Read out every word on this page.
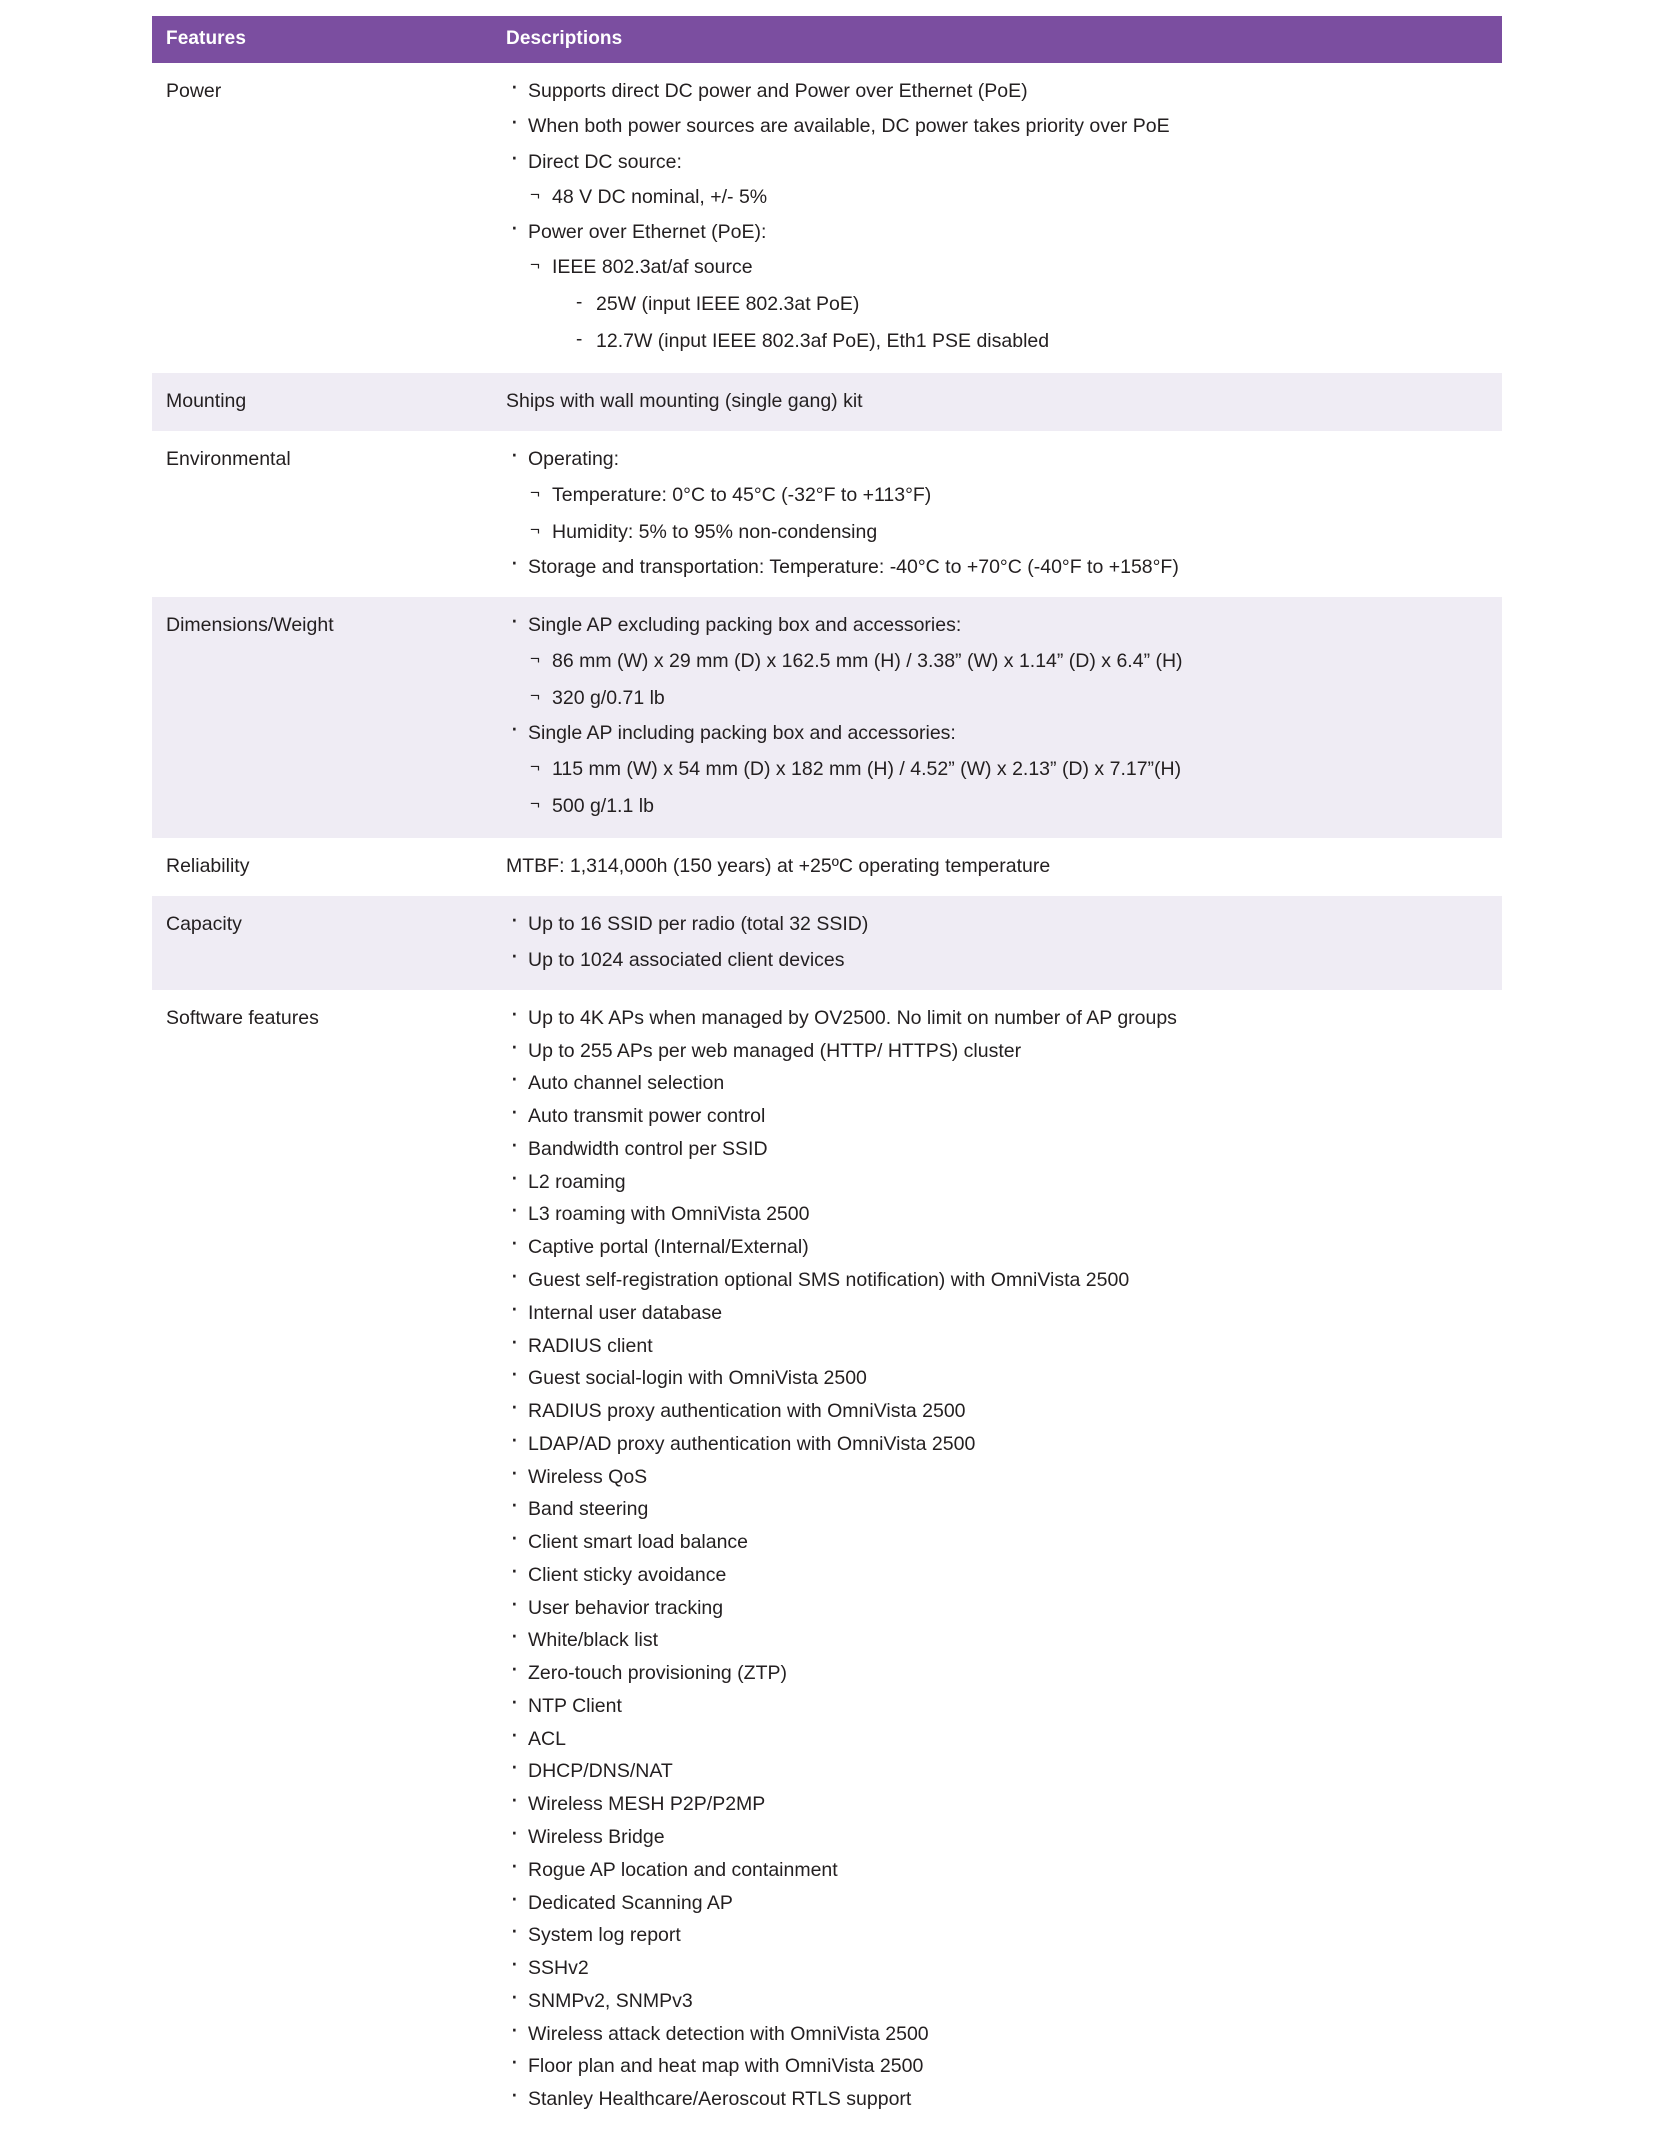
Features	Descriptions
Power	
·Supports direct DC power and Power over Ethernet (PoE)
· When both power sources are available, DC power takes priority over PoE
· Direct DC source:
¬ 48 V DC nominal, +/- 5%
· Power over Ethernet (PoE):
¬ IEEE 802.3at/af source
- 25W (input IEEE 802.3at PoE)
- 12.7W (input IEEE 802.3af PoE), Eth1 PSE disabled

Mounting	Ships with wall mounting (single gang) kit

Environmental	
·Operating:
¬ Temperature: 0°C to 45°C (-32°F to +113°F)
¬ Humidity: 5% to 95% non-condensing
· Storage and transportation: Temperature: -40°C to +70°C (-40°F to +158°F)

Dimensions/Weight	
·Single AP excluding packing box and accessories:
¬ 86 mm (W) x 29 mm (D) x 162.5 mm (H) / 3.38” (W) x 1.14” (D) x 6.4” (H)
¬ 320 g/0.71 lb
· Single AP including packing box and accessories:
¬ 115 mm (W) x 54 mm (D) x 182 mm (H) / 4.52” (W) x 2.13” (D) x 7.17”(H)
¬ 500 g/1.1 lb

Reliability	MTBF: 1,314,000h (150 years) at +25ºC operating temperature

Capacity	
·Up to 16 SSID per radio (total 32 SSID)
· Up to 1024 associated client devices

Software features	
·Up to 4K APs when managed by OV2500. No limit on number of AP groups
· Up to 255 APs per web managed (HTTP/ HTTPS) cluster
· Auto channel selection
· Auto transmit power control
· Bandwidth control per SSID
· L2 roaming
· L3 roaming with OmniVista 2500
· Captive portal (Internal/External)
· Guest self-registration optional SMS notification) with OmniVista 2500
· Internal user database
· RADIUS client
· Guest social-login with OmniVista 2500
· RADIUS proxy authentication with OmniVista 2500
· LDAP/AD proxy authentication with OmniVista 2500
· Wireless QoS
· Band steering
· Client smart load balance
· Client sticky avoidance
· User behavior tracking
· White/black list
· Zero-touch provisioning (ZTP)
· NTP Client
· ACL
· DHCP/DNS/NAT
· Wireless MESH P2P/P2MP
· Wireless Bridge
· Rogue AP location and containment
· Dedicated Scanning AP
· System log report
· SSHv2
· SNMPv2, SNMPv3
· Wireless attack detection with OmniVista 2500
· Floor plan and heat map with OmniVista 2500
· Stanley Healthcare/Aeroscout RTLS support
